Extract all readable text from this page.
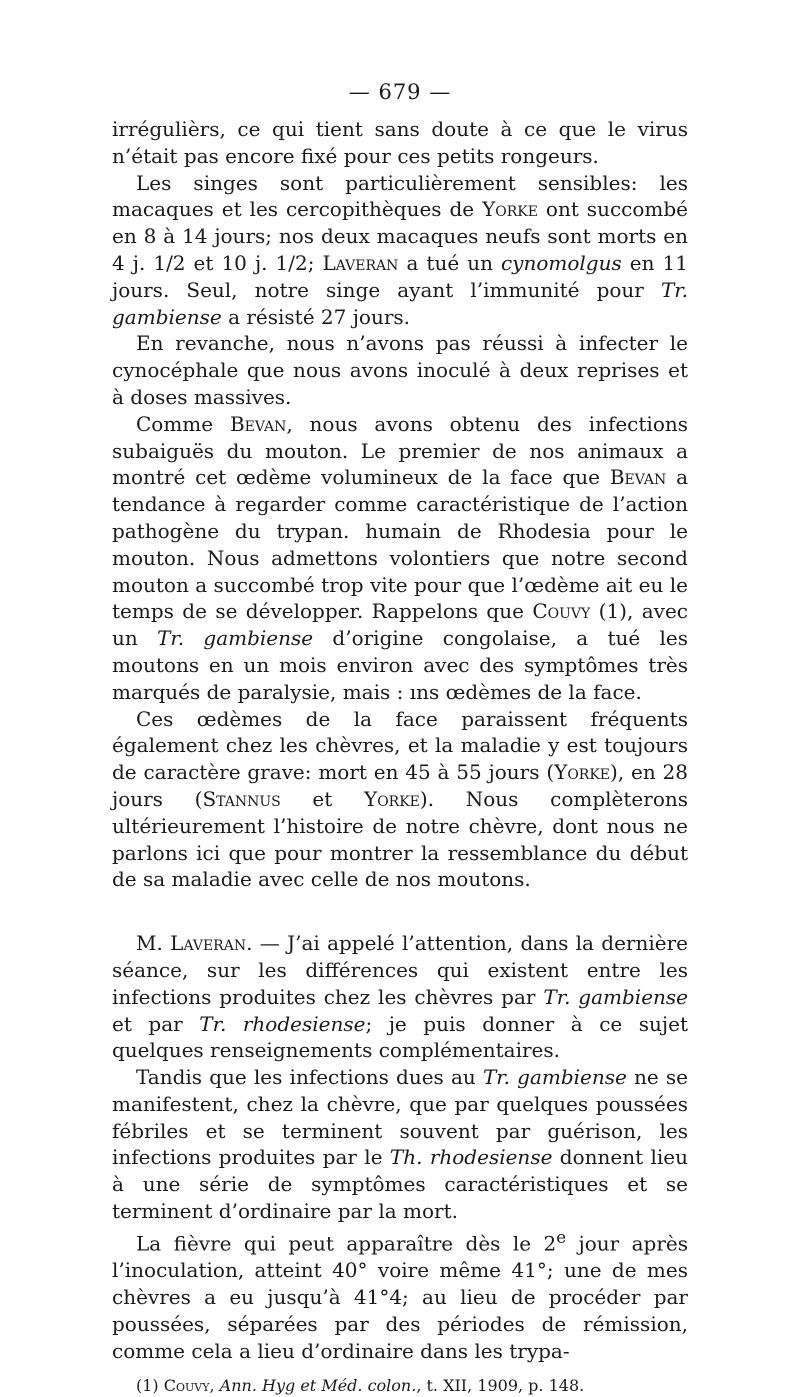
— 679 —

irrégulièrs, ce qui tient sans doute à ce que le virus n’était pas encore fixé pour ces petits rongeurs.

Les singes sont particulièrement sensibles: les macaques et les cercopithèques de Yorke ont succombé en 8 à 14 jours; nos deux macaques neufs sont morts en 4 j. 1/2 et 10 j. 1/2; Laveran a tué un cynomolgus en 11 jours. Seul, notre singe ayant l’immunité pour Tr. gambiense a résisté 27 jours.

En revanche, nous n’avons pas réussi à infecter le cynocéphale que nous avons inoculé à deux reprises et à doses massives.

Comme Bevan, nous avons obtenu des infections subaiguës du mouton. Le premier de nos animaux a montré cet œdème volumineux de la face que Bevan a tendance à regarder comme caractéristique de l’action pathogène du trypan. humain de Rhodesia pour le mouton. Nous admettons volontiers que notre second mouton a succombé trop vite pour que l’œdème ait eu le temps de se développer. Rappelons que Couvy (1), avec un Tr. gambiense d’origine congolaise, a tué les moutons en un mois environ avec des symptômes très marqués de paralysie, mais : ıns œdèmes de la face.

Ces œdèmes de la face paraissent fréquents également chez les chèvres, et la maladie y est toujours de caractère grave: mort en 45 à 55 jours (Yorke), en 28 jours (Stannus et Yorke). Nous complèterons ultérieurement l’histoire de notre chèvre, dont nous ne parlons ici que pour montrer la ressemblance du début de sa maladie avec celle de nos moutons.

M. Laveran. — J’ai appelé l’attention, dans la dernière séance, sur les différences qui existent entre les infections produites chez les chèvres par Tr. gambiense et par Tr. rhodesiense; je puis donner à ce sujet quelques renseignements complémentaires.

Tandis que les infections dues au Tr. gambiense ne se manifestent, chez la chèvre, que par quelques poussées fébriles et se terminent souvent par guérison, les infections produites par le Th. rhodesiense donnent lieu à une série de symptômes caractéristiques et se terminent d’ordinaire par la mort.

La fièvre qui peut apparaître dès le 2e jour après l’inoculation, atteint 40° voire même 41°; une de mes chèvres a eu jusqu’à 41°4; au lieu de procéder par poussées, séparées par des périodes de rémission, comme cela a lieu d’ordinaire dans les trypa-

(1) Couvy, Ann. Hyg et Méd. colon., t. XII, 1909, p. 148.
